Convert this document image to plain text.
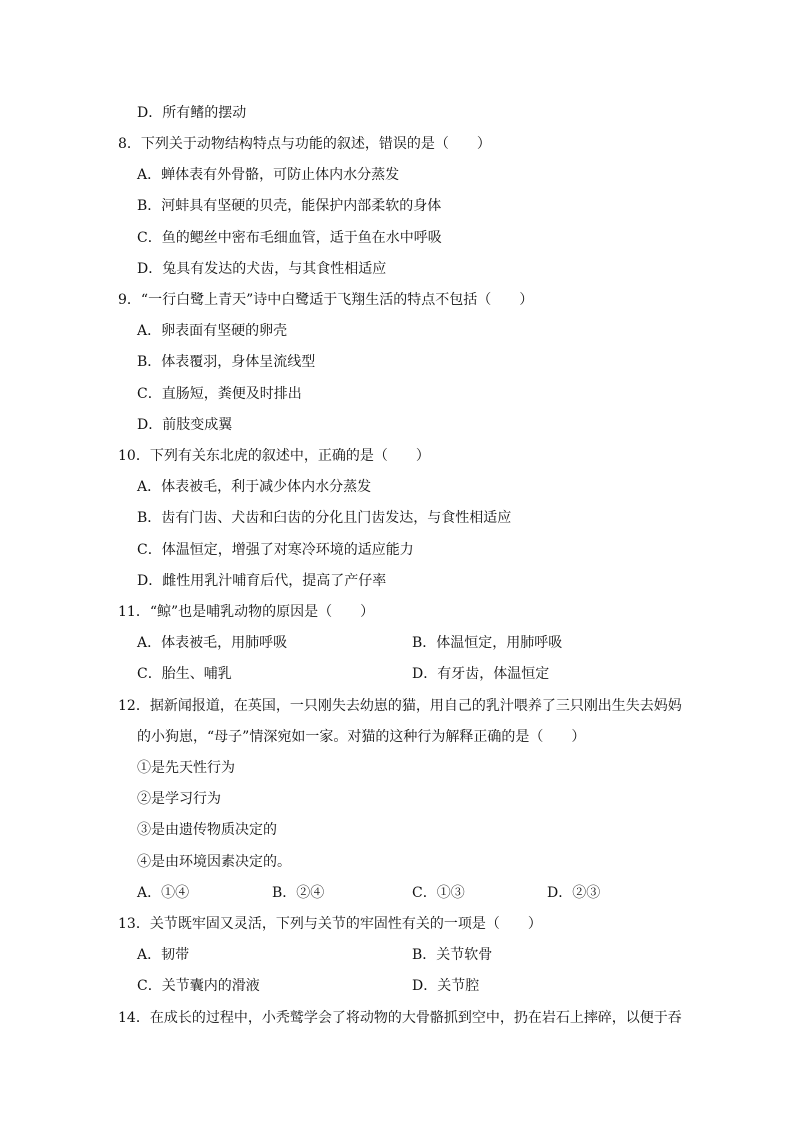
D．所有鳍的摆动
8．下列关于动物结构特点与功能的叙述，错误的是（　　）
A．蝉体表有外骨骼，可防止体内水分蒸发
B．河蚌具有坚硬的贝壳，能保护内部柔软的身体
C．鱼的鳃丝中密布毛细血管，适于鱼在水中呼吸
D．兔具有发达的犬齿，与其食性相适应
9．“一行白鹭上青天”诗中白鹭适于飞翔生活的特点不包括（　　）
A．卵表面有坚硬的卵壳
B．体表覆羽，身体呈流线型
C．直肠短，粪便及时排出
D．前肢变成翼
10．下列有关东北虎的叙述中，正确的是（　　）
A．体表被毛，利于减少体内水分蒸发
B．齿有门齿、犬齿和臼齿的分化且门齿发达，与食性相适应
C．体温恒定，增强了对寒冷环境的适应能力
D．雌性用乳汁哺育后代，提高了产仔率
11．“鲸”也是哺乳动物的原因是（　　）
A．体表被毛，用肺呼吸	B．体温恒定，用肺呼吸
C．胎生、哺乳	D．有牙齿，体温恒定
12．据新闻报道，在英国，一只刚失去幼崽的猫，用自己的乳汁喂养了三只刚出生失去妈妈
的小狗崽，“母子”情深宛如一家。对猫的这种行为解释正确的是（　　）
①是先天性行为
②是学习行为
③是由遗传物质决定的
④是由环境因素决定的。
A．①④	B．②④	C．①③	D．②③
13．关节既牢固又灵活，下列与关节的牢固性有关的一项是（　　）
A．韧带	B．关节软骨
C．关节囊内的滑液	D．关节腔
14．在成长的过程中，小秃鹫学会了将动物的大骨骼抓到空中，扔在岩石上摔碎，以便于吞
